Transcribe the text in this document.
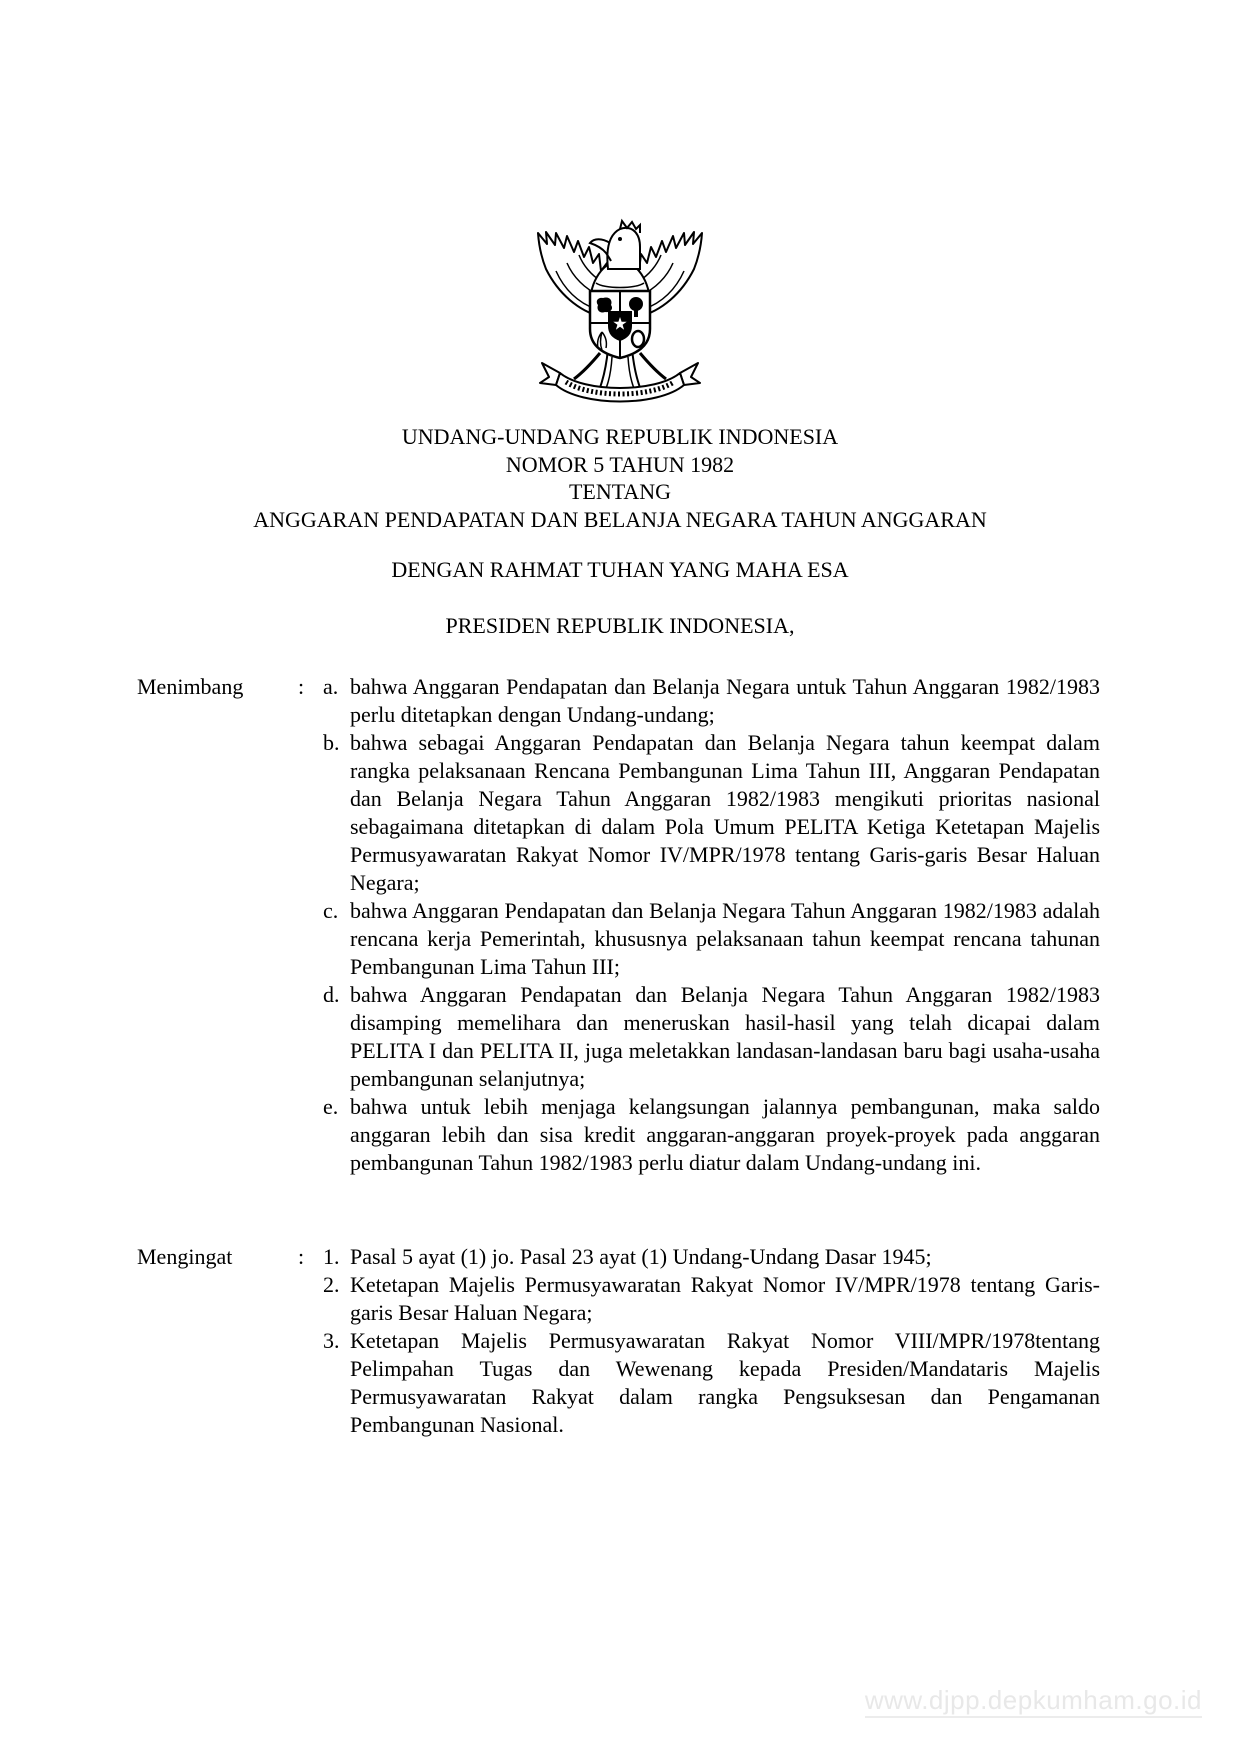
UNDANG-UNDANG REPUBLIK INDONESIA
NOMOR 5 TAHUN 1982
TENTANG
ANGGARAN PENDAPATAN DAN BELANJA NEGARA TAHUN ANGGARAN
DENGAN RAHMAT TUHAN YANG MAHA ESA
PRESIDEN REPUBLIK INDONESIA,
Menimbang	: a. bahwa Anggaran Pendapatan dan Belanja Negara untuk Tahun Anggaran 1982/1983 perlu ditetapkan dengan Undang-undang;
b. bahwa sebagai Anggaran Pendapatan dan Belanja Negara tahun keempat dalam rangka pelaksanaan Rencana Pembangunan Lima Tahun III, Anggaran Pendapatan dan Belanja Negara Tahun Anggaran 1982/1983 mengikuti prioritas nasional sebagaimana ditetapkan di dalam Pola Umum PELITA Ketiga Ketetapan Majelis Permusyawaratan Rakyat Nomor IV/MPR/1978 tentang Garis-garis Besar Haluan Negara;
c. bahwa Anggaran Pendapatan dan Belanja Negara Tahun Anggaran 1982/1983 adalah rencana kerja Pemerintah, khususnya pelaksanaan tahun keempat rencana tahunan Pembangunan Lima Tahun III;
d. bahwa Anggaran Pendapatan dan Belanja Negara Tahun Anggaran 1982/1983 disamping memelihara dan meneruskan hasil-hasil yang telah dicapai dalam PELITA I dan PELITA II, juga meletakkan landasan-landasan baru bagi usaha-usaha pembangunan selanjutnya;
e. bahwa untuk lebih menjaga kelangsungan jalannya pembangunan, maka saldo anggaran lebih dan sisa kredit anggaran-anggaran proyek-proyek pada anggaran pembangunan Tahun 1982/1983 perlu diatur dalam Undang-undang ini.
Mengingat	: 1. Pasal 5 ayat (1) jo. Pasal 23 ayat (1) Undang-Undang Dasar 1945;
2. Ketetapan Majelis Permusyawaratan Rakyat Nomor IV/MPR/1978 tentang Garis-garis Besar Haluan Negara;
3. Ketetapan Majelis Permusyawaratan Rakyat Nomor VIII/MPR/1978tentang Pelimpahan Tugas dan Wewenang kepada Presiden/Mandataris Majelis Permusyawaratan Rakyat dalam rangka Pengsuksesan dan Pengamanan Pembangunan Nasional.
www.djpp.depkumham.go.id
